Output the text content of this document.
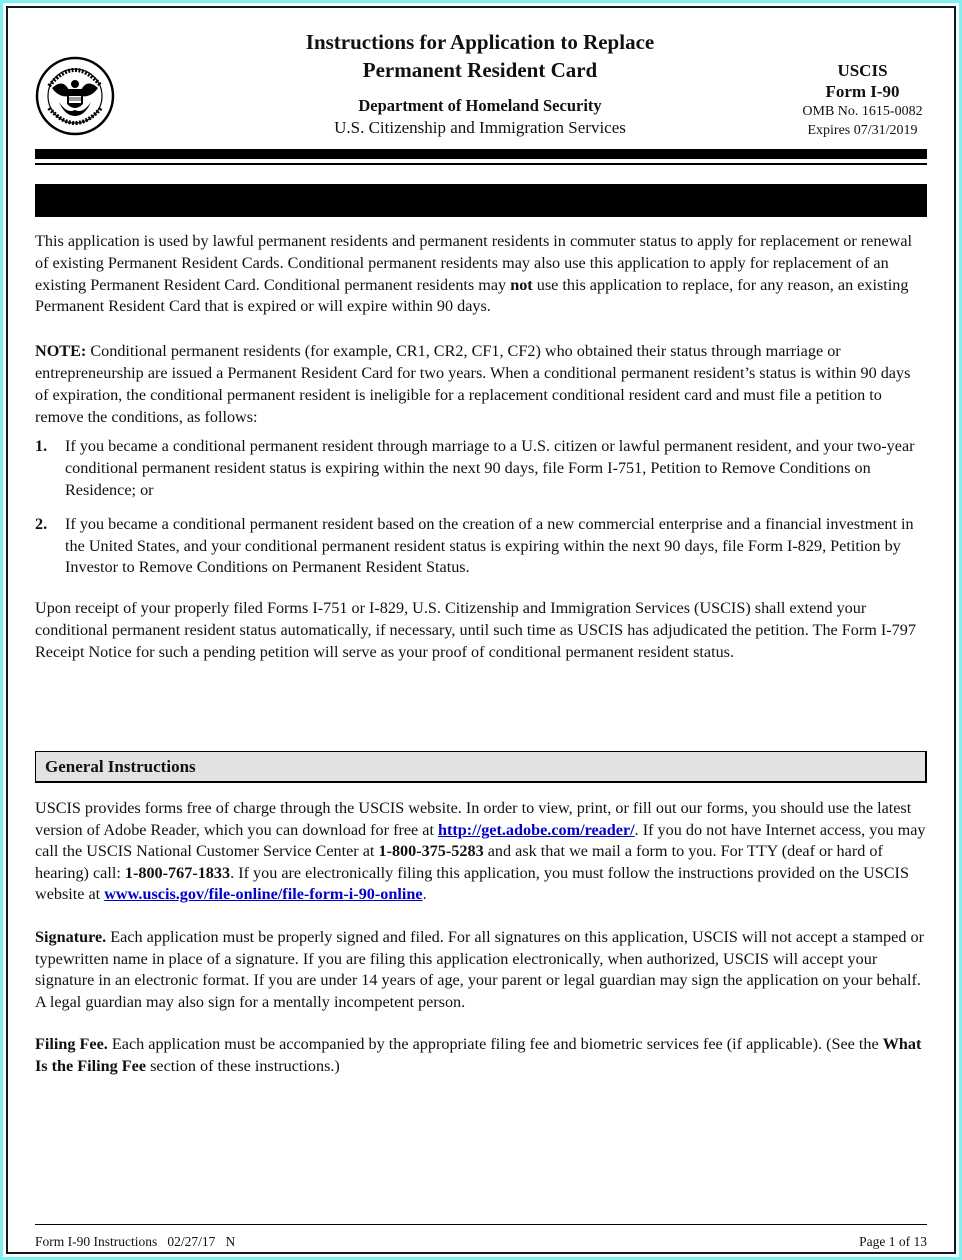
Instructions for Application to Replace
Permanent Resident Card
Department of Homeland Security
U.S. Citizenship and Immigration Services
USCIS
Form I-90
OMB No. 1615-0082
Expires 07/31/2019

This application is used by lawful permanent residents and permanent residents in commuter status to apply for replacement or renewal of existing Permanent Resident Cards. Conditional permanent residents may also use this application to apply for replacement of an existing Permanent Resident Card. Conditional permanent residents may not use this application to replace, for any reason, an existing Permanent Resident Card that is expired or will expire within 90 days.

NOTE: Conditional permanent residents (for example, CR1, CR2, CF1, CF2) who obtained their status through marriage or entrepreneurship are issued a Permanent Resident Card for two years. When a conditional permanent resident’s status is within 90 days of expiration, the conditional permanent resident is ineligible for a replacement conditional resident card and must file a petition to remove the conditions, as follows:

1.	If you became a conditional permanent resident through marriage to a U.S. citizen or lawful permanent resident, and your two-year conditional permanent resident status is expiring within the next 90 days, file Form I-751, Petition to Remove Conditions on Residence; or
2.	If you became a conditional permanent resident based on the creation of a new commercial enterprise and a financial investment in the United States, and your conditional permanent resident status is expiring within the next 90 days, file Form I-829, Petition by Investor to Remove Conditions on Permanent Resident Status.

Upon receipt of your properly filed Forms I-751 or I-829, U.S. Citizenship and Immigration Services (USCIS) shall extend your conditional permanent resident status automatically, if necessary, until such time as USCIS has adjudicated the petition. The Form I-797 Receipt Notice for such a pending petition will serve as your proof of conditional permanent resident status.

General Instructions

USCIS provides forms free of charge through the USCIS website. In order to view, print, or fill out our forms, you should use the latest version of Adobe Reader, which you can download for free at http://get.adobe.com/reader/. If you do not have Internet access, you may call the USCIS National Customer Service Center at 1-800-375-5283 and ask that we mail a form to you. For TTY (deaf or hard of hearing) call: 1-800-767-1833. If you are electronically filing this application, you must follow the instructions provided on the USCIS website at www.uscis.gov/file-online/file-form-i-90-online.

Signature. Each application must be properly signed and filed. For all signatures on this application, USCIS will not accept a stamped or typewritten name in place of a signature. If you are filing this application electronically, when authorized, USCIS will accept your signature in an electronic format. If you are under 14 years of age, your parent or legal guardian may sign the application on your behalf. A legal guardian may also sign for a mentally incompetent person.

Filing Fee. Each application must be accompanied by the appropriate filing fee and biometric services fee (if applicable). (See the What Is the Filing Fee section of these instructions.)

Form I-90 Instructions   02/27/17   N	Page 1 of 13
